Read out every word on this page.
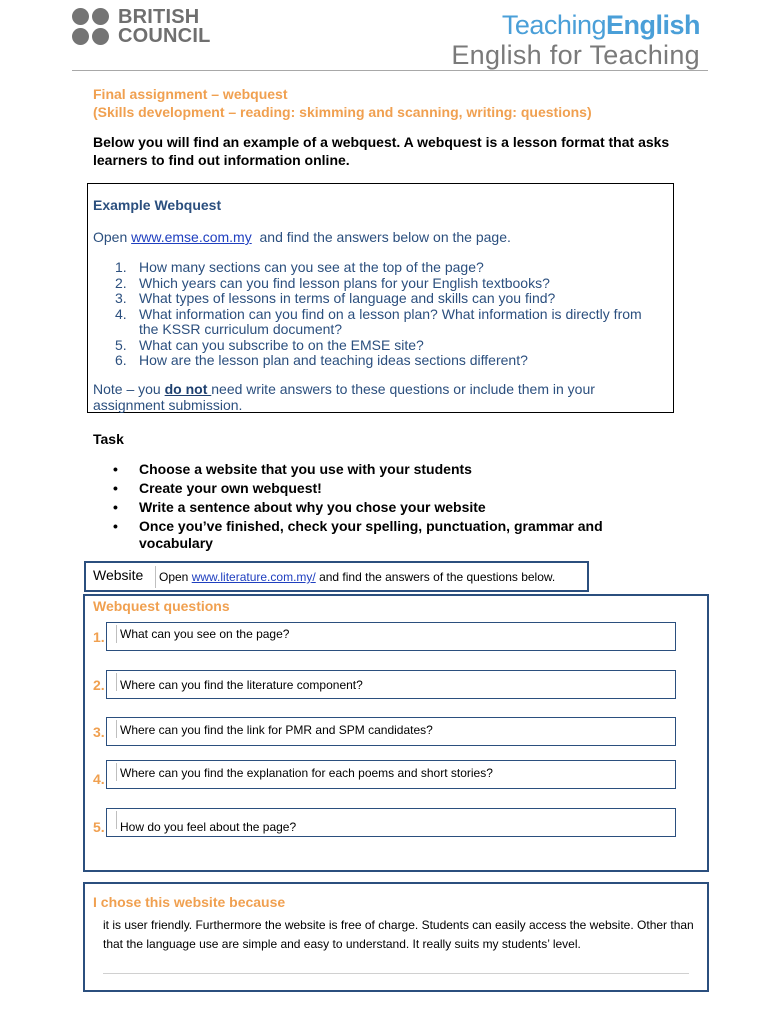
BRITISH
COUNCIL	TeachingEnglish
English for Teaching
Final assignment – webquest
(Skills development – reading: skimming and scanning, writing: questions)
Below you will find an example of a webquest. A webquest is a lesson format that asks learners to find out information online.
Example Webquest
Open www.emse.com.my  and find the answers below on the page.
1. How many sections can you see at the top of the page?
2. Which years can you find lesson plans for your English textbooks?
3. What types of lessons in terms of language and skills can you find?
4. What information can you find on a lesson plan? What information is directly from the KSSR curriculum document?
5. What can you subscribe to on the EMSE site?
6. How are the lesson plan and teaching ideas sections different?
Note – you do not need write answers to these questions or include them in your assignment submission.
Task
• Choose a website that you use with your students
• Create your own webquest!
• Write a sentence about why you chose your website
• Once you’ve finished, check your spelling, punctuation, grammar and vocabulary
Website Open www.literature.com.my/ and find the answers of the questions below.
Webquest questions
1. What can you see on the page?
2. Where can you find the literature component?
3. Where can you find the link for PMR and SPM candidates?
4. Where can you find the explanation for each poems and short stories?
5. How do you feel about the page?
I chose this website because
it is user friendly. Furthermore the website is free of charge. Students can easily access the website. Other than that the language use are simple and easy to understand. It really suits my students’ level.
